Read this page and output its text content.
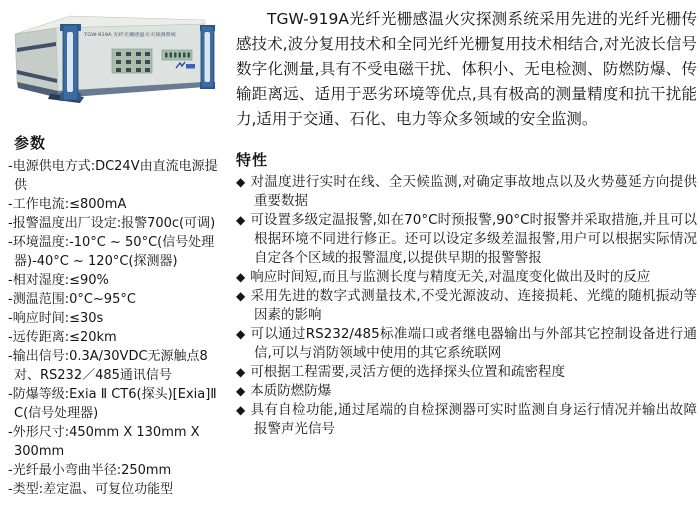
TGW-919A 光纤光栅感温火灾探测系统
参数
-电源供电方式:DC24V由直流电源提供
-工作电流:≤800mA
-报警温度出厂设定:报警700c(可调)
-环境温度:-10°C ~ 50°C(信号处理器)-40°C ~ 120°C(探测器)
-相对湿度:≤90%
-测温范围:0°C~95°C
-响应时间:≤30s
-远传距离:≤20km
-输出信号:0.3A/30VDC无源触点8对、RS232／485通讯信号
-防爆等级:Exia Ⅱ CT6(探头)[Exia]Ⅱ C(信号处理器)
-外形尺寸:450mm X 130mm X 300mm
-光纤最小弯曲半径:250mm
-类型:差定温、可复位功能型

TGW-919A光纤光栅感温火灾探测系统采用先进的光纤光栅传感技术,波分复用技术和全同光纤光栅复用技术相结合,对光波长信号数字化测量,具有不受电磁干扰、体积小、无电检测、防燃防爆、传输距离远、适用于恶劣环境等优点,具有极高的测量精度和抗干扰能力,适用于交通、石化、电力等众多领域的安全监测。

特性
◆ 对温度进行实时在线、全天候监测,对确定事故地点以及火势蔓延方向提供重要数据
◆ 可设置多级定温报警,如在70°C时预报警,90°C时报警并采取措施,并且可以根据环境不同进行修正。还可以设定多级差温报警,用户可以根据实际情况自定各个区域的报警温度,以提供早期的报警警报
◆ 响应时间短,而且与监测长度与精度无关,对温度变化做出及时的反应
◆ 采用先进的数字式测量技术,不受光源波动、连接损耗、光缆的随机振动等因素的影响
◆ 可以通过RS232/485标准端口或者继电器输出与外部其它控制设备进行通信,可以与消防领域中使用的其它系统联网
◆ 可根据工程需要,灵活方便的选择探头位置和疏密程度
◆ 本质防燃防爆
◆ 具有自检功能,通过尾端的自检探测器可实时监测自身运行情况并输出故障报警声光信号
